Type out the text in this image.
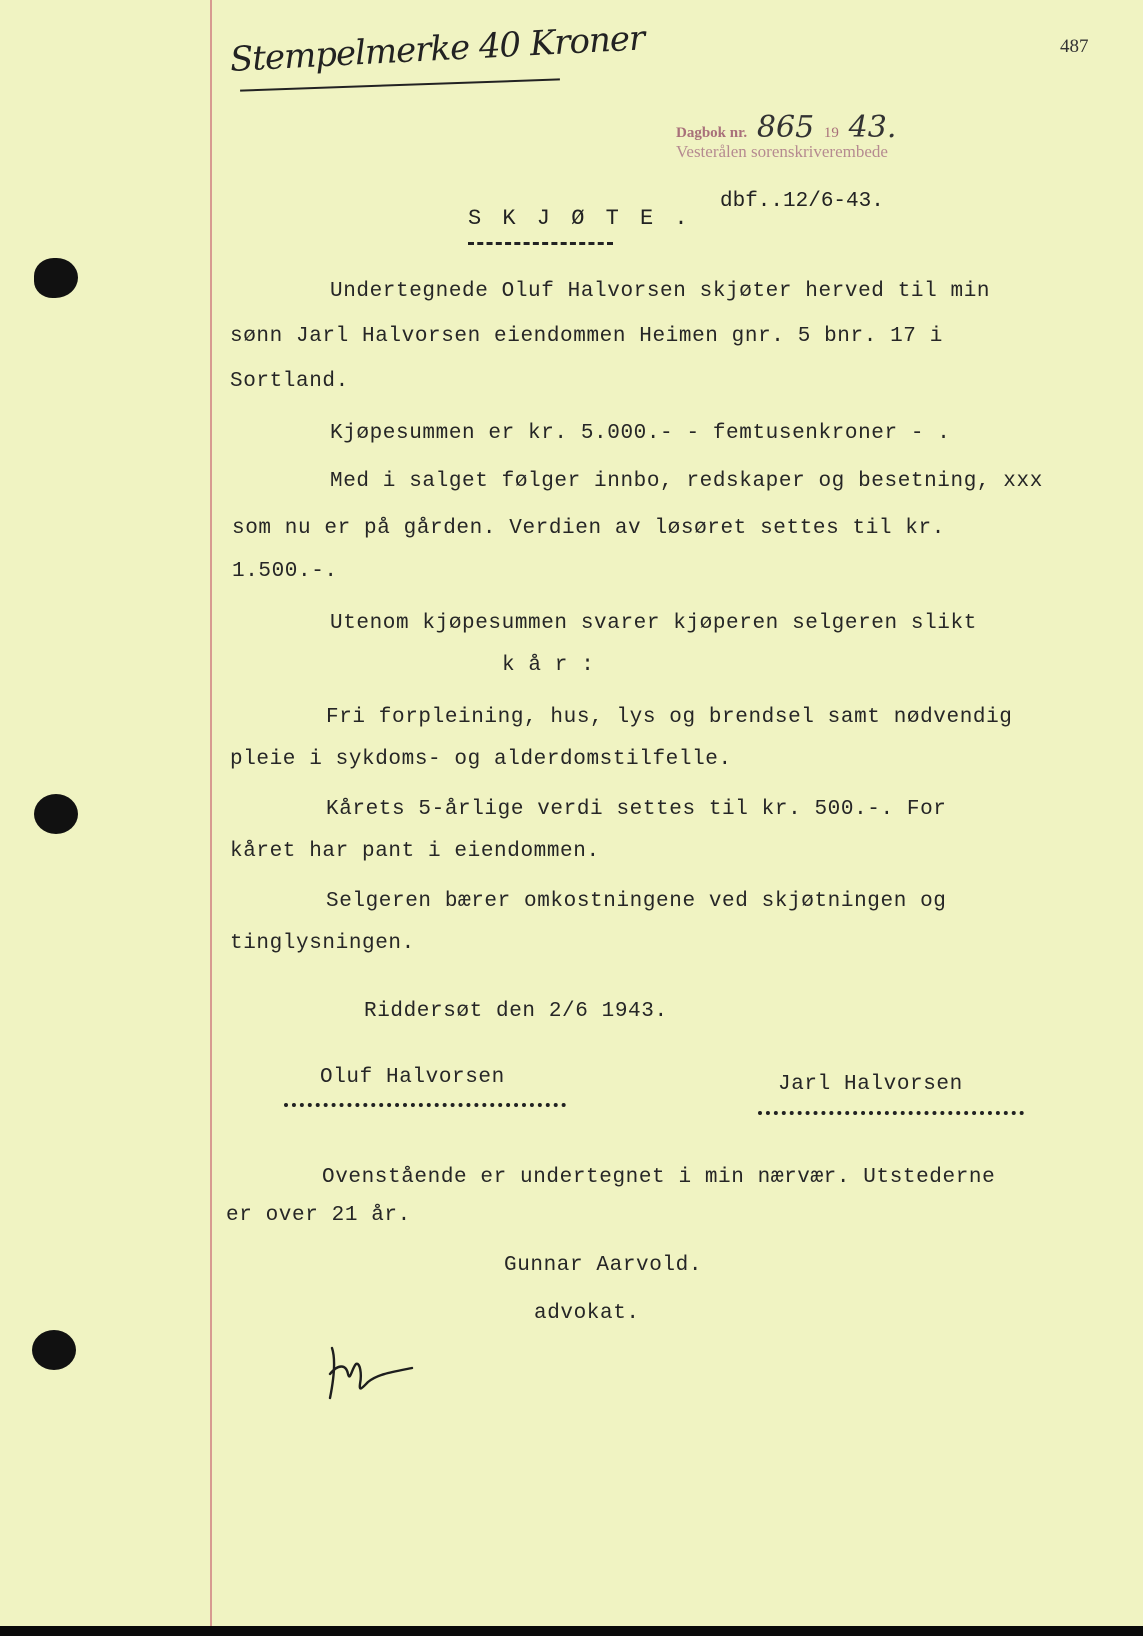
487
Stempelmerke 40 Kroner
Dagbok nr. 865 19 43.
Vesterålen sorenskriverembede
dbf..12/6-43.
S K J Ø T E .
Undertegnede Oluf Halvorsen skjøter herved til min
sønn Jarl Halvorsen eiendommen Heimen gnr. 5 bnr. 17 i
Sortland.
Kjøpesummen er kr. 5.000.- - femtusenkroner - .
Med i salget følger innbo, redskaper og besetning, xxx
som nu er på gården. Verdien av løsøret settes til kr.
1.500.-.
Utenom kjøpesummen svarer kjøperen selgeren slikt
k å r :
Fri forpleining, hus, lys og brendsel samt nødvendig
pleie i sykdoms- og alderdomstilfelle.
Kårets 5-årlige verdi settes til kr. 500.-. For
kåret har pant i eiendommen.
Selgeren bærer omkostningene ved skjøtningen og
tinglysningen.
Riddersøt den 2/6 1943.
Oluf Halvorsen	Jarl Halvorsen
Ovenstående er undertegnet i min nærvær. Utstederne
er over 21 år.
Gunnar Aarvold.
advokat.
